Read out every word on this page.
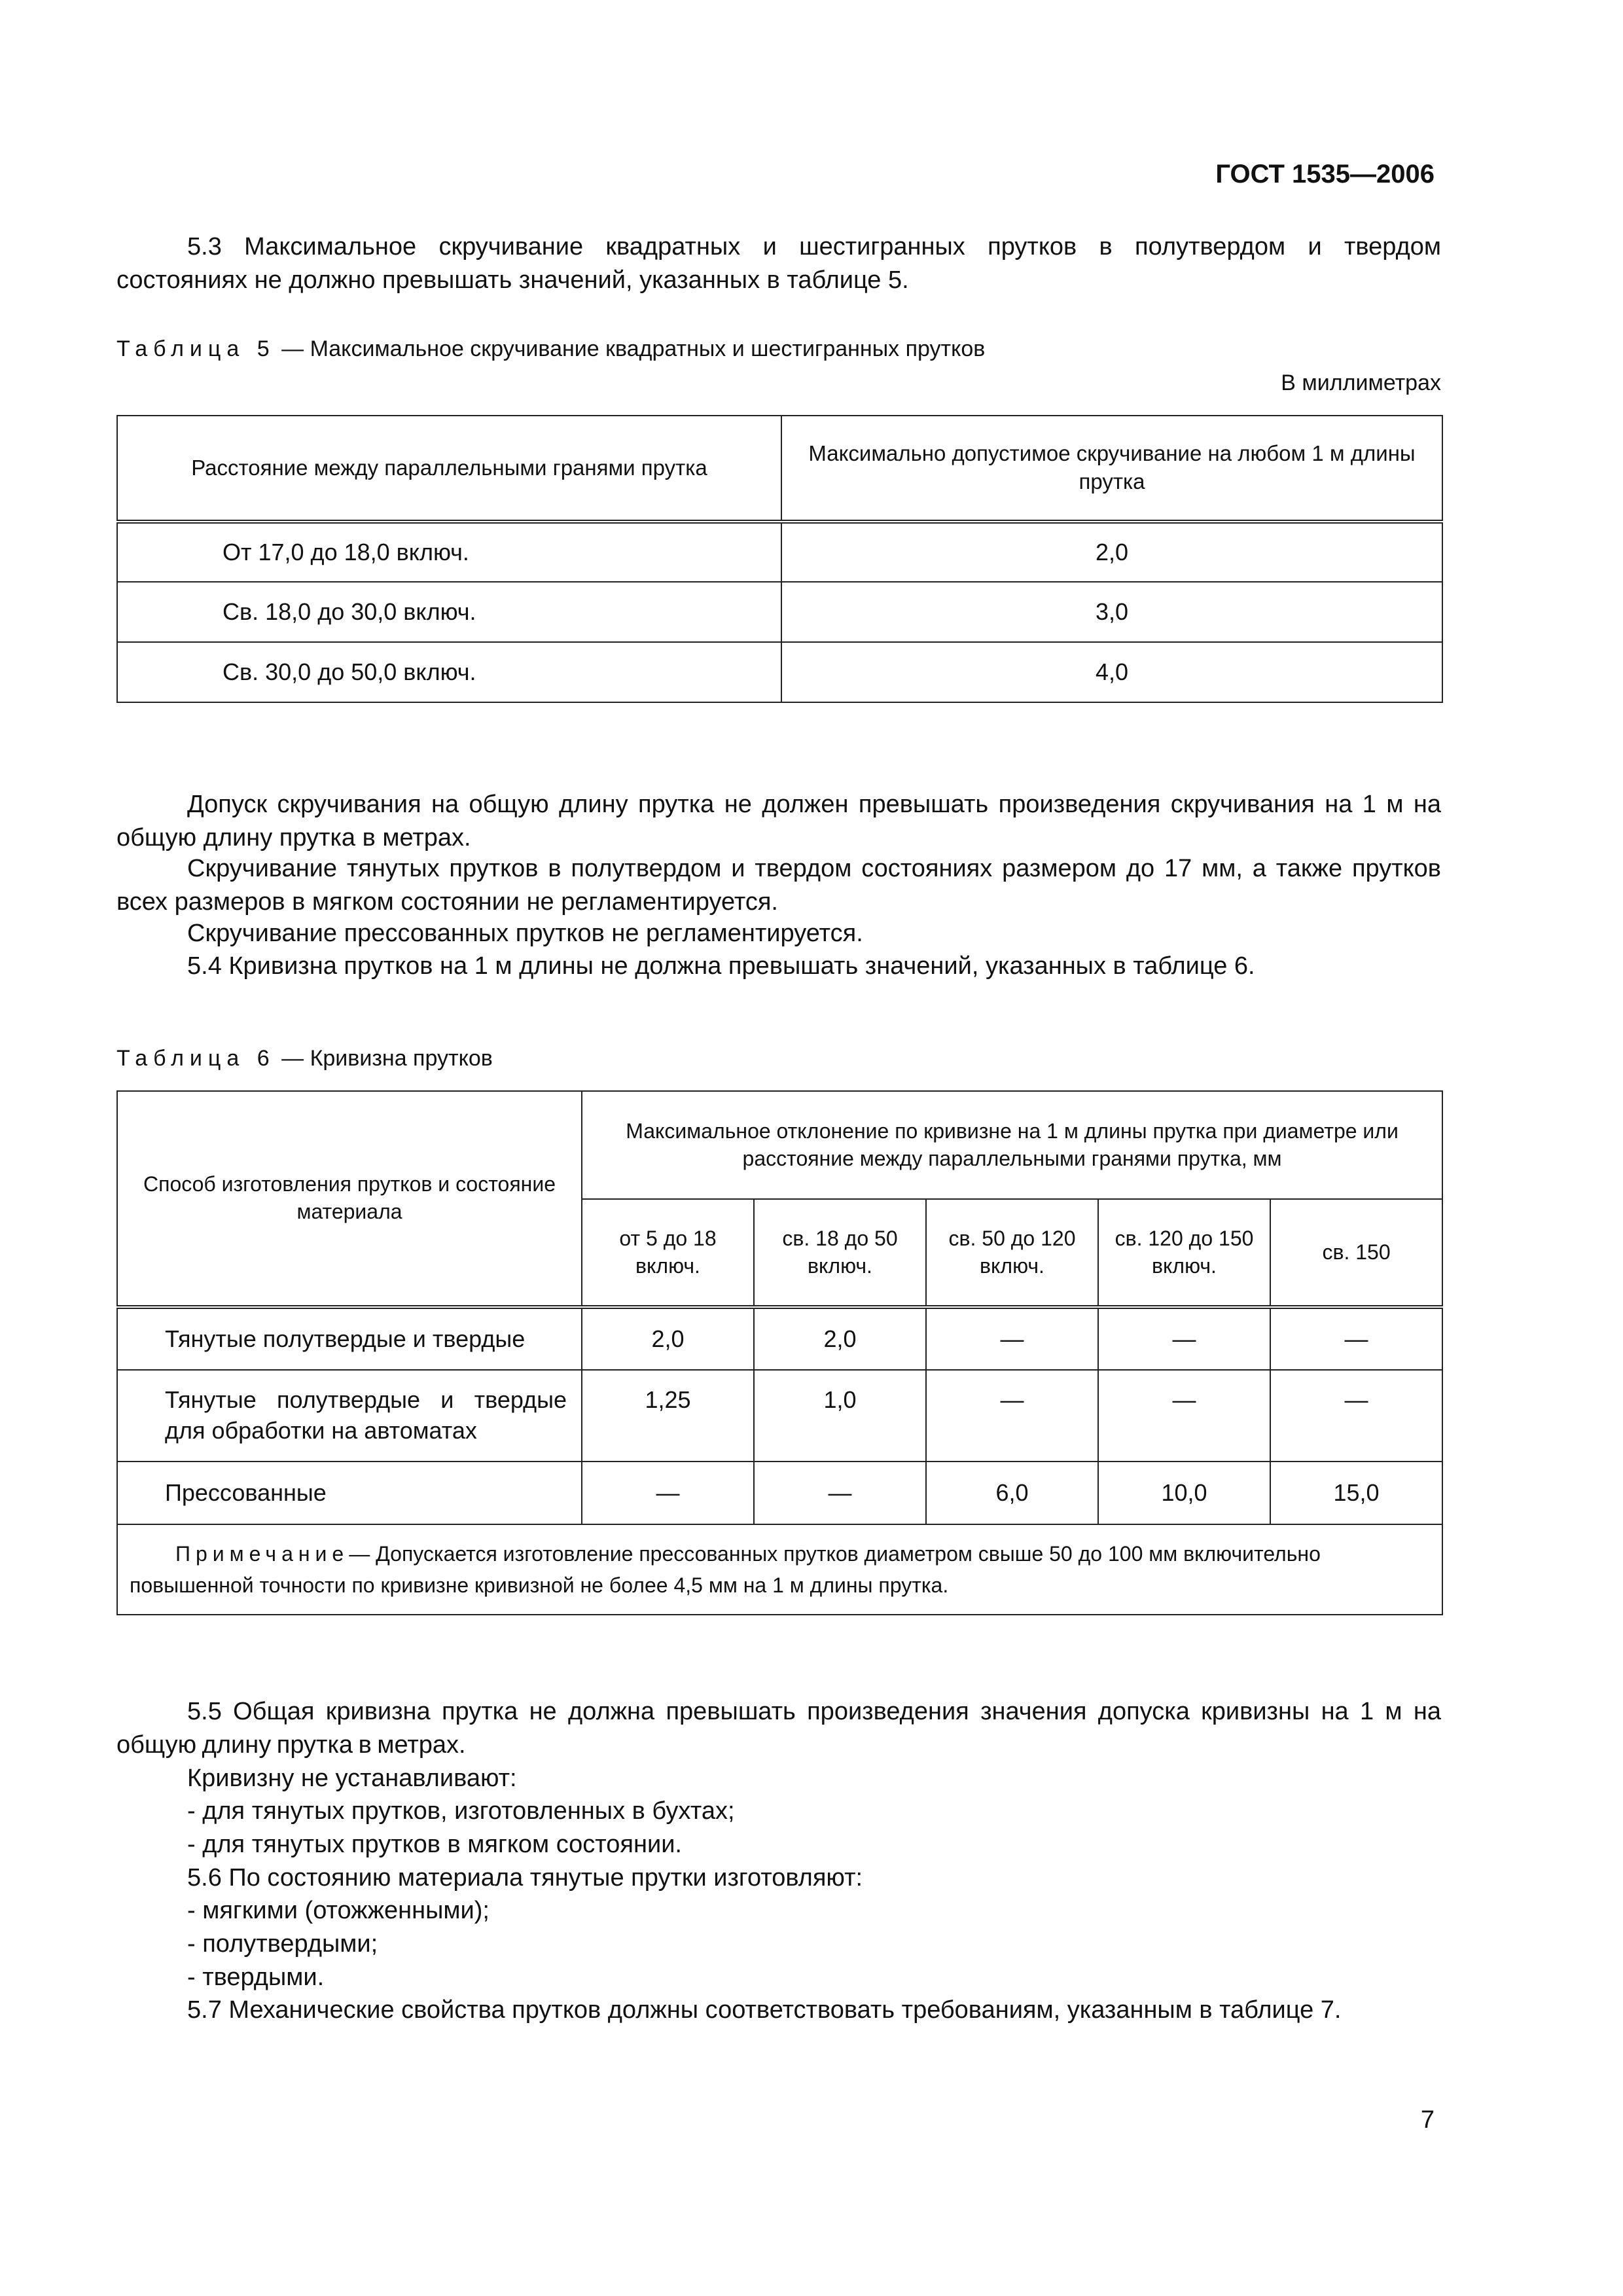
ГОСТ 1535—2006
5.3 Максимальное скручивание квадратных и шестигранных прутков в полутвердом и твердом
состояниях не должно превышать значений, указанных в таблице 5.
Таблица 5 — Максимальное скручивание квадратных и шестигранных прутков
В миллиметрах
Расстояние между параллельными гранями прутка	Максимально допустимое скручивание на любом 1 м длины прутка
От 17,0 до 18,0 включ.	2,0
Св. 18,0 до 30,0 включ.	3,0
Св. 30,0 до 50,0 включ.	4,0
Допуск скручивания на общую длину прутка не должен превышать произведения скручивания на 1 м на общую длину прутка в метрах.
Скручивание тянутых прутков в полутвердом и твердом состояниях размером до 17 мм, а также прутков всех размеров в мягком состоянии не регламентируется.
Скручивание прессованных прутков не регламентируется.
5.4 Кривизна прутков на 1 м длины не должна превышать значений, указанных в таблице 6.
Таблица 6 — Кривизна прутков
Способ изготовления прутков и состояние материала	Максимальное отклонение по кривизне на 1 м длины прутка при диаметре или расстояние между параллельными гранями прутка, мм				
	от 5 до 18 включ.	св. 18 до 50 включ.	св. 50 до 120 включ.	св. 120 до 150 включ.	св. 150
Тянутые полутвердые и твердые	2,0	2,0	—	—	—
Тянутые полутвердые и твердые для обработки на автоматах	1,25	1,0	—	—	—
Прессованные	—	—	6,0	10,0	15,0
Примечание— Допускается изготовление прессованных прутков диаметром свыше 50 до 100 мм включительно повышенной точности по кривизне кривизной не более 4,5 мм на 1 м длины прутка.					
5.5 Общая кривизна прутка не должна превышать произведения значения допуска кривизны на 1 м на общую длину прутка в метрах.
Кривизну не устанавливают:
- для тянутых прутков, изготовленных в бухтах;
- для тянутых прутков в мягком состоянии.
5.6 По состоянию материала тянутые прутки изготовляют:
- мягкими (отожженными);
- полутвердыми;
- твердыми.
5.7 Механические свойства прутков должны соответствовать требованиям, указанным в таблице 7.
7
